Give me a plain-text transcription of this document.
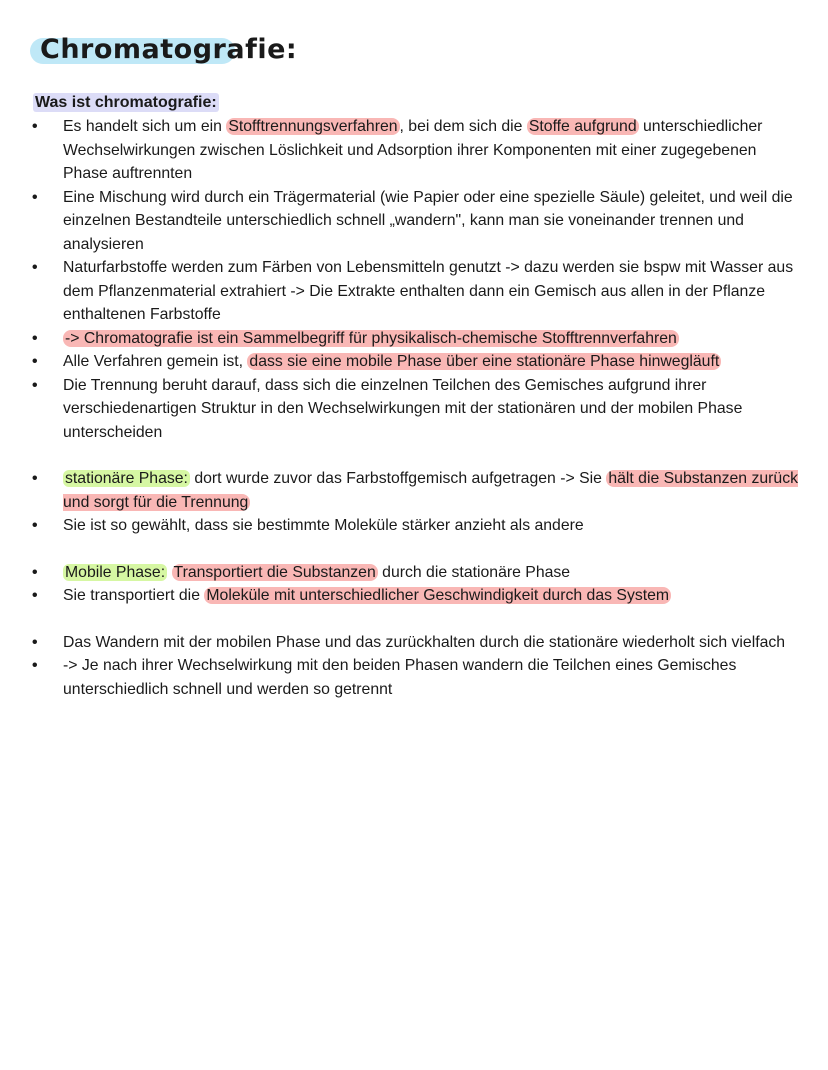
Chromatografie:
Was ist chromatografie:
• Es handelt sich um ein Stofftrennungsverfahren , bei dem sich die Stoffe aufgrund unterschiedlicher Wechselwirkungen zwischen Löslichkeit und Adsorption ihrer Komponenten mit einer zugegebenen Phase auftrennten
• Eine Mischung wird durch ein Trägermaterial (wie Papier oder eine spezielle Säule) geleitet, und weil die einzelnen Bestandteile unterschiedlich schnell „wandern", kann man sie voneinander trennen und analysieren
• Naturfarbstoffe werden zum Färben von Lebensmitteln genutzt -> dazu werden sie bspw mit Wasser aus dem Pflanzenmaterial extrahiert -> Die Extrakte enthalten dann ein Gemisch aus allen in der Pflanze enthaltenen Farbstoffe
• -> Chromatografie ist ein Sammelbegriff für physikalisch-chemische Stofftrennverfahren
• Alle Verfahren gemein ist, dass sie eine mobile Phase über eine stationäre Phase hinwegläuft
• Die Trennung beruht darauf, dass sich die einzelnen Teilchen des Gemisches aufgrund ihrer verschiedenartigen Struktur in den Wechselwirkungen mit der stationären und der mobilen Phase unterscheiden
• stationäre Phase: dort wurde zuvor das Farbstoffgemisch aufgetragen -> Sie hält die Substanzen zurück und sorgt für die Trennung
• Sie ist so gewählt, dass sie bestimmte Moleküle stärker anzieht als andere
• Mobile Phase: Transportiert die Substanzen durch die stationäre Phase
• Sie transportiert die Moleküle mit unterschiedlicher Geschwindigkeit durch das System
• Das Wandern mit der mobilen Phase und das zurückhalten durch die stationäre wiederholt sich vielfach
• -> Je nach ihrer Wechselwirkung mit den beiden Phasen wandern die Teilchen eines Gemisches unterschiedlich schnell und werden so getrennt
